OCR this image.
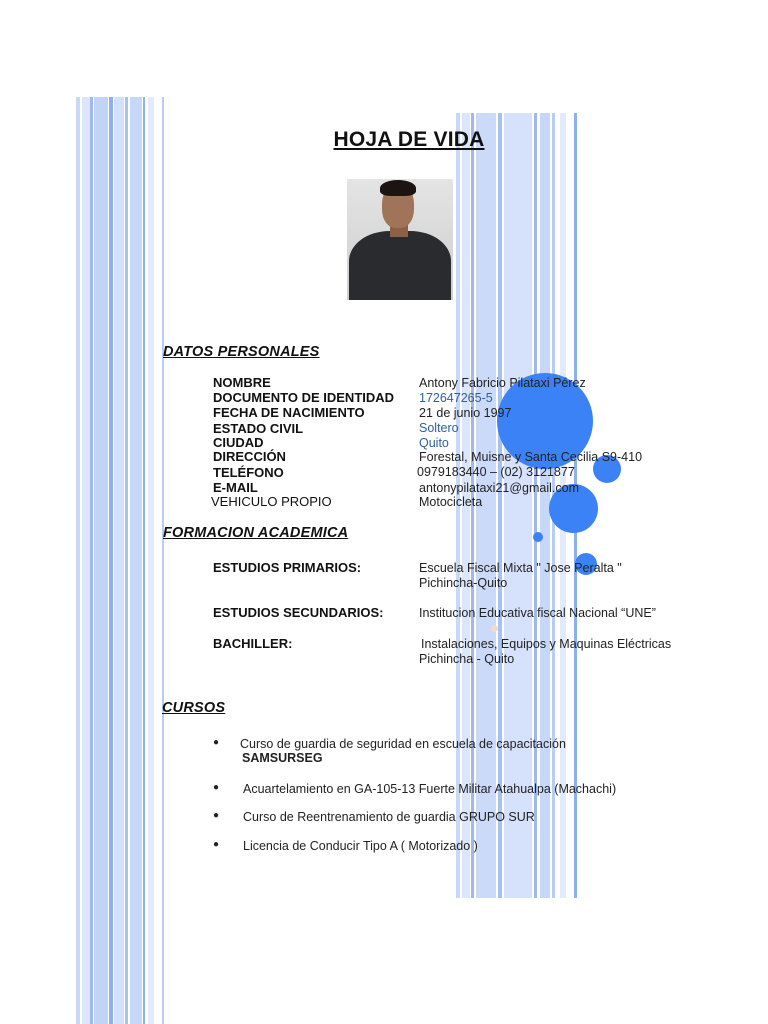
HOJA DE VIDA
DATOS PERSONALES
NOMBRE	Antony Fabricio Pilataxi Pérez
DOCUMENTO DE IDENTIDAD 172647265-5
FECHA DE NACIMIENTO	21 de junio 1997
ESTADO CIVIL	Soltero
CIUDAD	Quito
DIRECCIÓN	Forestal, Muisne y Santa Cecilia S9-410
TELÉFONO	0979183440 – (02) 3121877
E-MAIL	antonypilataxi21@gmail.com
VEHICULO PROPIO	Motocicleta
FORMACION ACADEMICA
ESTUDIOS PRIMARIOS:	Escuela Fiscal Mixta " Jose Peralta "
Pichincha-Quito
ESTUDIOS SECUNDARIOS:	Institucion Educativa fiscal Nacional “UNE”
BACHILLER:	Instalaciones, Equipos y Maquinas Eléctricas
Pichincha - Quito
CURSOS
● Curso de guardia de seguridad en escuela de capacitación
SAMSURSEG
● Acuartelamiento en GA-105-13 Fuerte Militar Atahualpa (Machachi)
● Curso de Reentrenamiento de guardia GRUPO SUR
● Licencia de Conducir Tipo A ( Motorizado )
